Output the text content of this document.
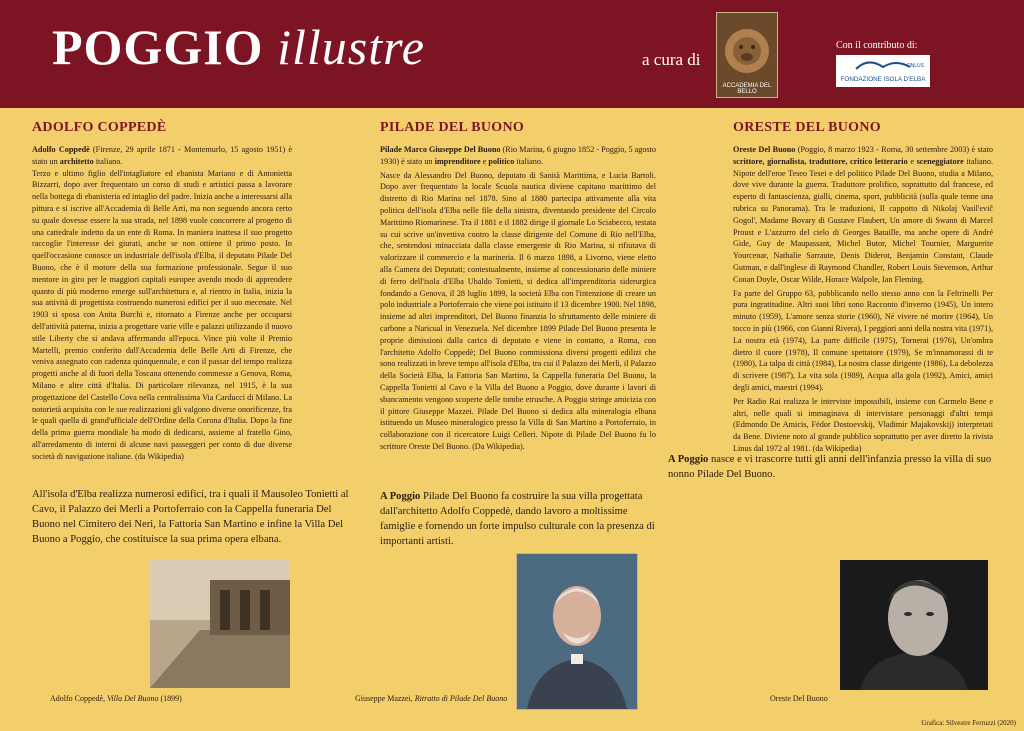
POGGIO illustre	a cura di
ACCADEMIA DEL BELLO
Con il contributo di:
ONLUS
FONDAZIONE ISOLA D'ELBA
ADOLFO COPPEDÈ

Adolfo Coppedè (Firenze, 29 aprile 1871 - Montemurlo, 15 agosto 1951) è stato un architetto italiano.

Terzo e ultimo figlio dell'intagliatore ed ebanista Mariano e di Antonietta Bizzarri, dopo aver frequentato un corso di studi e artistici passa a lavorare nella bottega di ebanisteria ed intaglio del padre. Inizia anche a interessarsi alla pittura e si iscrive all'Accademia di Belle Arti, ma non seguendo ancora certo su quale dovesse essere la sua strada, nel 1898 vuole concorrere al progetto di una cattedrale indetto da un ente di Roma. In maniera inattesa il suo progetto raccoglie l'interesse dei giurati, anche se non ottiene il primo posto. In quell'occasione conosce un industriale dell'isola d'Elba, il deputato Pilade Del Buono, che è il motore della sua formazione professionale. Segue il suo mentore in giro per le maggiori capitali europee avendo modo di apprendere quanto di più moderno emerge sull'architettura e, al rientro in Italia, inizia la sua attività di progettista costruendo numerosi edifici per il suo mecenate. Nel 1903 si sposa con Anita Burchi e, ritornato a Firenze anche per occuparsi dell'attività paterna, inizia a progettare varie ville e palazzi utilizzando il nuovo stile Liberty che si andava affermando all'epoca. Vince più volte il Premio Martelli, premio conferito dall'Accademia delle Belle Arti di Firenze, che veniva assegnato con cadenza quinquennale, e con il passar del tempo realizza progetti anche al di fuori della Toscana ottenendo commesse a Genova, Roma, Milano e altre città d'Italia. Di particolare rilevanza, nel 1915, è la sua progettazione del Castello Cova nella centralissima Via Carducci di Milano. La notorietà acquisita con le sue realizzazioni gli valgono diverse onorificenze, fra le quali quella di grand'ufficiale dell'Ordine della Corona d'Italia. Dopo la fine della prima guerra mondiale ha modo di dedicarsi, assieme al fratello Gino, all'arredamento di interni di alcune navi passeggeri per conto di due diverse società di navigazione italiane. (da Wikipedia)

All'isola d'Elba realizza numerosi edifici, tra i quali il Mausoleo Tonietti al Cavo, il Palazzo dei Merli a Portoferraio con la Cappella funeraria Del Buono nel Cimitero dei Neri, la Fattoria San Martino e infine la Villa Del Buono a Poggio, che costituisce la sua prima opera elbana.
Adolfo Coppedè, Villa Del Buono (1899)
PILADE DEL BUONO

Pilade Marco Giuseppe Del Buono (Rio Marina, 6 giugno 1852 - Poggio, 5 agosto 1930) è stato un imprenditore e politico italiano.

Nasce da Alessandro Del Buono, deputato di Sanità Marittima, e Lucia Bartoli. Dopo aver frequentato la locale Scuola nautica diviene capitano marittimo del distretto di Rio Marina nel 1878. Sino al 1880 partecipa attivamente alla vita politica dell'isola d'Elba nelle file della sinistra, diventando presidente del Circolo Marittimo Riomarinese. Tra il 1881 e il 1882 dirige il giornale Lo Sciabecco, testata su cui scrive un'invettiva contro la classe dirigente del Comune di Rio nell'Elba, che, sentendosi minacciata dalla classe emergente di Rio Marina, si rifiutava di valorizzare il commercio e la marineria. Il 6 marzo 1898, a Livorno, viene eletto alla Camera dei Deputati; contestualmente, insieme al concessionario delle miniere di ferro dell'isola d'Elba Ubaldo Tonietti, si dedica all'imprenditoria siderurgica fondando a Genova, il 28 luglio 1899, la società Elba con l'intenzione di creare un polo industriale a Portoferraio che viene poi istituito il 13 dicembre 1900. Nel 1898, insieme ad altri imprenditori, Del Buono finanzia lo sfruttamento delle miniere di carbone a Naricual in Venezuela. Nel dicembre 1899 Pilade Del Buono presenta le proprie dimissioni dalla carica di deputato e viene in contatto, a Roma, con l'architetto Adolfo Coppedè; Del Buono commissiona diversi progetti edilizi che sono realizzati in breve tempo all'isola d'Elba, tra cui il Palazzo dei Merli, il Palazzo della Società Elba, la Fattoria San Martino, la Cappella funeraria Del Buono, la Cappella Tonietti al Cavo e la Villa del Buono a Poggio, dove durante i lavori di sbancamento vengono scoperte delle tombe etrusche. A Poggio stringe amicizia con il pittore Giuseppe Mazzei. Pilade Del Buono si dedica alla mineralogia elbana istituendo un Museo mineralogico presso la Villa di San Martino a Portoferraio, in collaborazione con il ricercatore Luigi Celleri. Nipote di Pilade Del Buono fu lo scrittore Oreste Del Buono. (Da Wikipedia).

A Poggio Pilade Del Buono fa costruire la sua villa progettata dall'architetto Adolfo Coppedè, dando lavoro a moltissime famiglie e fornendo un forte impulso culturale con la presenza di importanti artisti.
Giuseppe Mazzei, Ritratto di Pilade Del Buono
ORESTE DEL BUONO

Oreste Del Buono (Poggio, 8 marzo 1923 - Roma, 30 settembre 2003) è stato scrittore, giornalista, traduttore, critico letterario e sceneggiatore italiano. Nipote dell'eroe Teseo Tesei e del politico Pilade Del Buono, studia a Milano, dove vive durante la guerra. Traduttore prolifico, soprattutto dal francese, ed esperto di fantascienza, gialli, cinema, sport, pubblicità (sulla quale tenne una rubrica su Panorama). Tra le traduzioni, Il cappotto di Nikolaj Vasil'evič Gogol', Madame Bovary di Gustave Flaubert, Un amore di Swann di Marcel Proust e L'azzurro del cielo di Georges Bataille, ma anche opere di André Gide, Guy de Maupassant, Michel Butor, Michel Tournier, Marguerite Yourcenar, Nathalie Sarraute, Denis Diderot, Benjamin Constant, Claude Gutman, e dall'inglese di Raymond Chandler, Robert Louis Stevenson, Arthur Conan Doyle, Oscar Wilde, Horace Walpole, Ian Fleming.

Fa parte del Gruppo 63, pubblicando nello stesso anno con la Feltrinelli Per pura ingratitudine. Altri suoi libri sono Racconto d'inverno (1945), Un intero minuto (1959), L'amore senza storie (1960), Né vivere né morire (1964), Un tocco in più (1966, con Gianni Rivera), I peggiori anni della nostra vita (1971), La nostra età (1974), La parte difficile (1975), Tornerai (1976), Un'ombra dietro il cuore (1978), Il comune spettatore (1979), Se m'innamorassi di te (1980), La talpa di città (1984), La nostra classe dirigente (1986), La debolezza di scrivere (1987), La vita sola (1989), Acqua alla gola (1992), Amici, amici degli amici, maestri (1994).

Per Radio Rai realizza le interviste impossibili, insieme con Carmelo Bene e altri, nelle quali si immaginava di intervistare personaggi d'altri tempi (Edmondo De Amicis, Fëdor Dostoevskij, Vladimir Majakovskij) interpretati da Bene. Diviene noto al grande pubblico soprattutto per aver diretto la rivista Linus dal 1972 al 1981. (da Wikipedia)

A Poggio nasce e vi trascorre tutti gli anni dell'infanzia presso la villa di suo nonno Pilade Del Buono.
Oreste Del Buono
Grafica: Silvestre Ferruzzi (2020)
